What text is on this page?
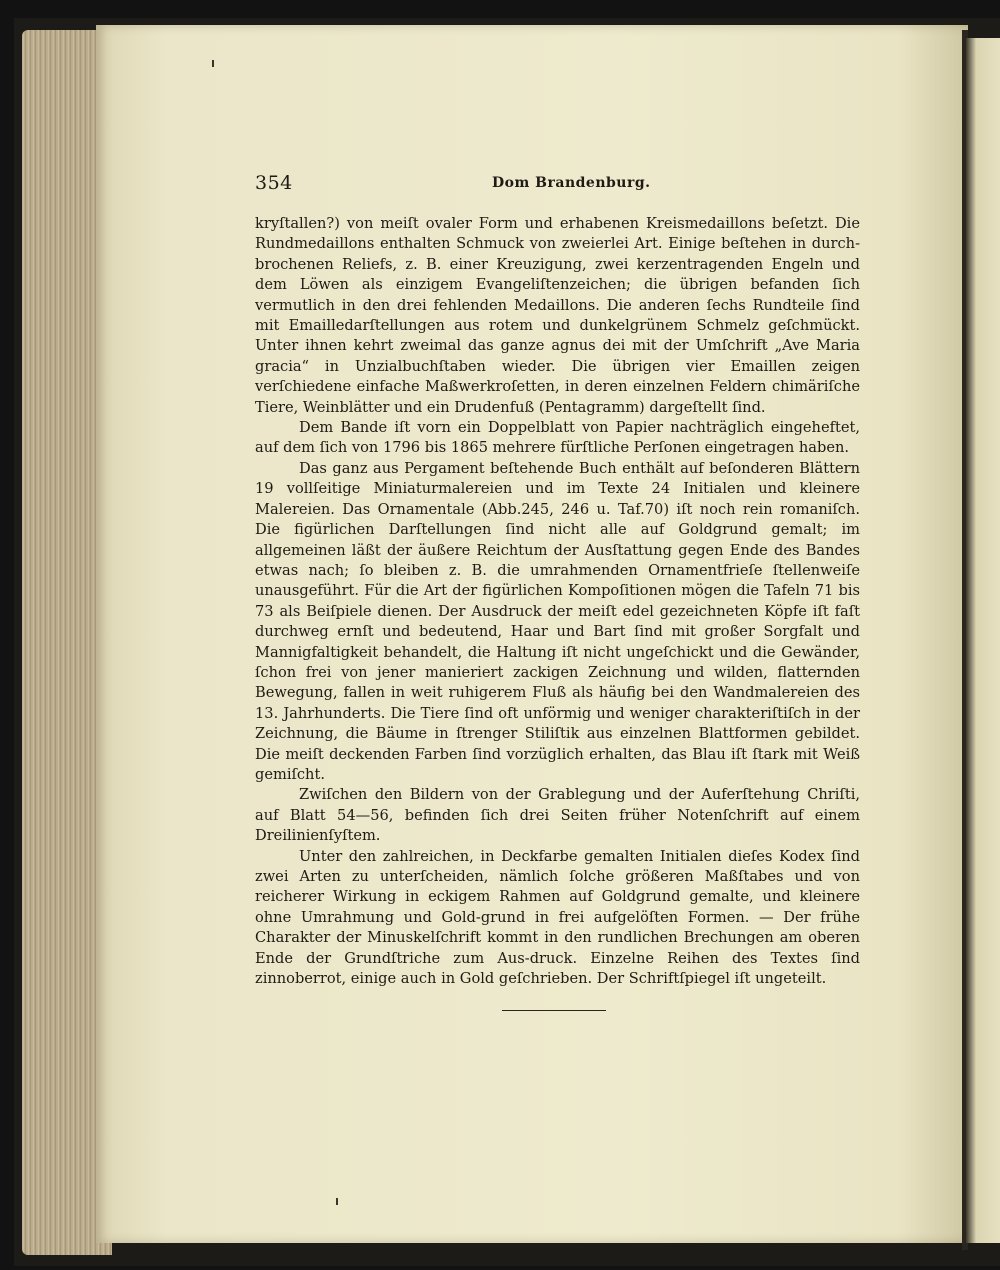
354	Dom Brandenburg.

kryſtallen?) von meiſt ovaler Form und erhabenen Kreismedaillons beſetzt. Die Rundmedaillons enthalten Schmuck von zweierlei Art. Einige beſtehen in durch-brochenen Reliefs, z. B. einer Kreuzigung, zwei kerzentragenden Engeln und dem Löwen als einzigem Evangeliſtenzeichen; die übrigen befanden ſich vermutlich in den drei fehlenden Medaillons. Die anderen ſechs Rundteile ſind mit Emailledarſtellungen aus rotem und dunkelgrünem Schmelz geſchmückt. Unter ihnen kehrt zweimal das ganze agnus dei mit der Umſchrift „Ave Maria gracia“ in Unzialbuchſtaben wieder. Die übrigen vier Emaillen zeigen verſchiedene einfache Maßwerkroſetten, in deren einzelnen Feldern chimäriſche Tiere, Weinblätter und ein Drudenfuß (Pentagramm) dargeſtellt ſind.

Dem Bande iſt vorn ein Doppelblatt von Papier nachträglich eingeheftet, auf dem ſich von 1796 bis 1865 mehrere fürſtliche Perſonen eingetragen haben.

Das ganz aus Pergament beſtehende Buch enthält auf beſonderen Blättern 19 vollſeitige Miniaturmalereien und im Texte 24 Initialen und kleinere Malereien. Das Ornamentale (Abb.245, 246 u. Taf.70) iſt noch rein romaniſch. Die figürlichen Darſtellungen ſind nicht alle auf Goldgrund gemalt; im allgemeinen läßt der äußere Reichtum der Ausſtattung gegen Ende des Bandes etwas nach; ſo bleiben z. B. die umrahmenden Ornamentfrieſe ſtellenweiſe unausgeführt. Für die Art der figürlichen Kompoſitionen mögen die Tafeln 71 bis 73 als Beiſpiele dienen. Der Ausdruck der meiſt edel gezeichneten Köpfe iſt faſt durchweg ernſt und bedeutend, Haar und Bart ſind mit großer Sorgfalt und Mannigfaltigkeit behandelt, die Haltung iſt nicht ungeſchickt und die Gewänder, ſchon frei von jener manieriert zackigen Zeichnung und wilden, flatternden Bewegung, fallen in weit ruhigerem Fluß als häufig bei den Wandmalereien des 13. Jahrhunderts. Die Tiere ſind oft unförmig und weniger charakteriſtiſch in der Zeichnung, die Bäume in ſtrenger Stiliſtik aus einzelnen Blattformen gebildet. Die meiſt deckenden Farben ſind vorzüglich erhalten, das Blau iſt ſtark mit Weiß gemiſcht.

Zwiſchen den Bildern von der Grablegung und der Auferſtehung Chriſti, auf Blatt 54—56, befinden ſich drei Seiten früher Notenſchrift auf einem Dreilinienſyſtem.

Unter den zahlreichen, in Deckfarbe gemalten Initialen dieſes Kodex ſind zwei Arten zu unterſcheiden, nämlich ſolche größeren Maßſtabes und von reicherer Wirkung in eckigem Rahmen auf Goldgrund gemalte, und kleinere ohne Umrahmung und Gold-grund in frei aufgelöſten Formen. — Der frühe Charakter der Minuskelſchrift kommt in den rundlichen Brechungen am oberen Ende der Grundſtriche zum Aus-druck. Einzelne Reihen des Textes ſind zinnoberrot, einige auch in Gold geſchrieben. Der Schriftſpiegel iſt ungeteilt.
